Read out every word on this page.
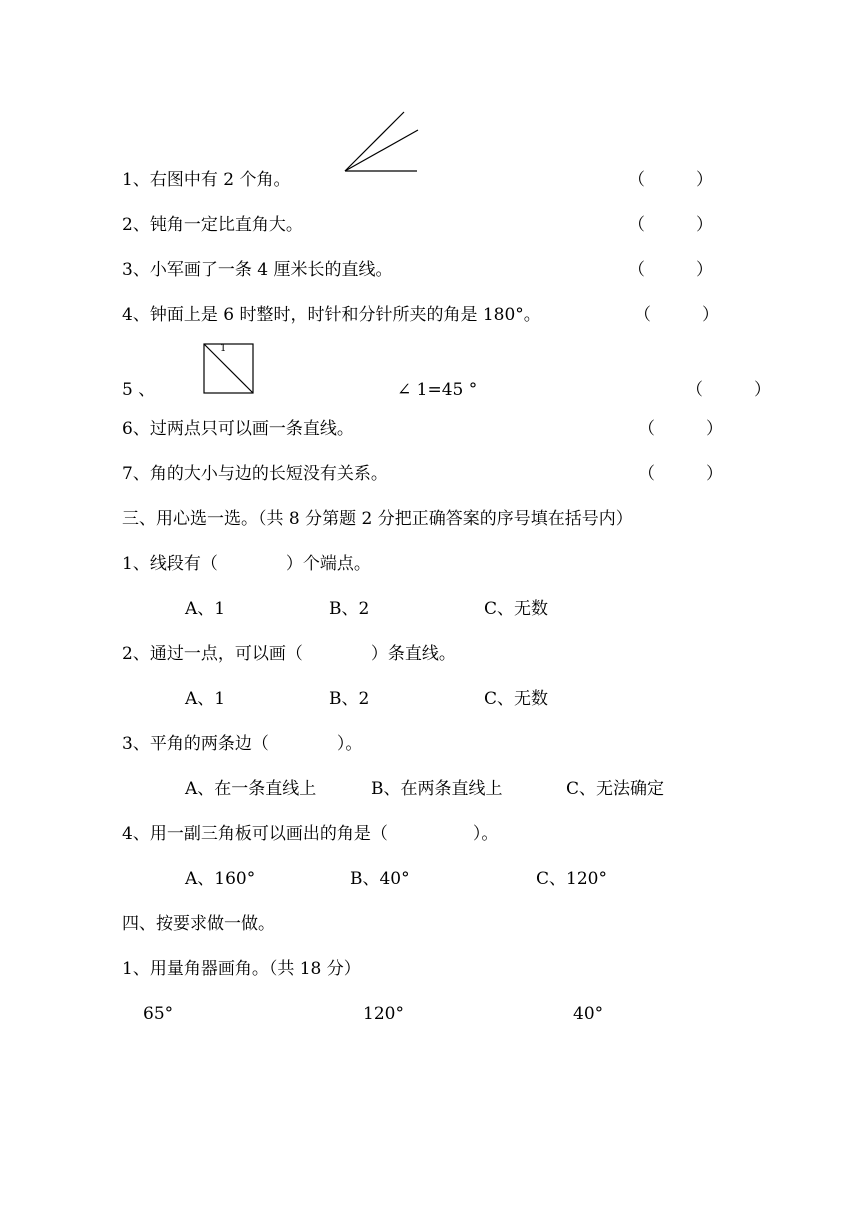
1、右图中有 2 个角。	（　　　）
2、钝角一定比直角大。	（　　　）
3、小军画了一条 4 厘米长的直线。	（　　　）
4、钟面上是 6 时整时，时针和分针所夹的角是 180°。	（　　　）
5 、
1
∠ 1=45 °	（　　　）
6、过两点只可以画一条直线。	（　　　）
7、角的大小与边的长短没有关系。	（　　　）
三、用心选一选。（共 8 分第题 2 分把正确答案的序号填在括号内）
1、线段有（　　　　）个端点。
A、1	B、2	C、无数
2、通过一点，可以画（　　　　）条直线。
A、1	B、2	C、无数
3、平角的两条边（　　　　）。
A、在一条直线上	B、在两条直线上	C、无法确定
4、用一副三角板可以画出的角是（　　　　　）。
A、160°	B、40°	C、120°
四、按要求做一做。
1、用量角器画角。（共 18 分）
65°	120°	40°
